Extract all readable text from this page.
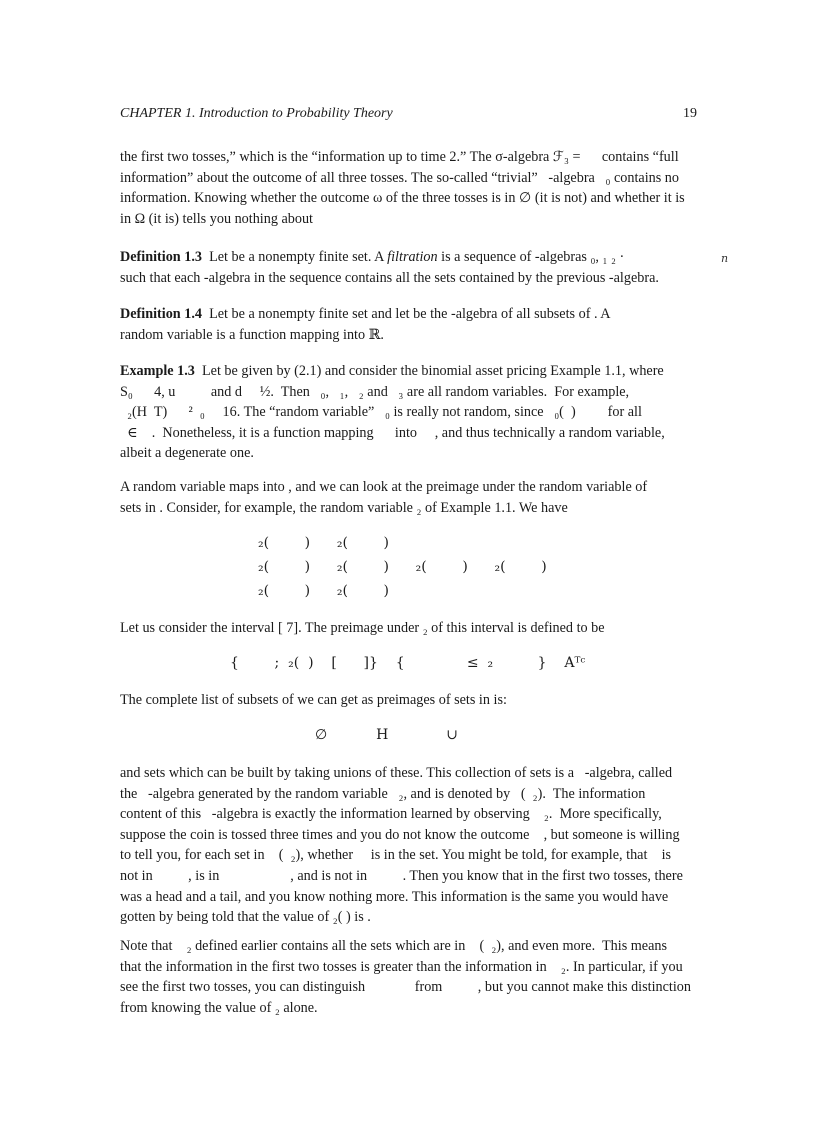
CHAPTER 1. Introduction to Probability Theory	19
the first two tosses,” which is the “information up to time 2.” The σ-algebra ℱ₃ =      contains “full
information” about the outcome of all three tosses. The so-called “trivial”   -algebra   ₀ contains no
information. Knowing whether the outcome ω of the three tosses is in ∅ (it is not) and whether it is
in Ω (it is) tells you nothing about
Definition 1.3 Let be a nonempty finite set. A filtration is a sequence of -algebras ₀, ₁ ₂ ·
such that each -algebra in the sequence contains all the sets contained by the previous -algebra.
n
Definition 1.4 Let be a nonempty finite set and let be the -algebra of all subsets of . A
random variable is a function mapping into ℝ.
Example 1.3 Let be given by (2.1) and consider the binomial asset pricing Example 1.1, where
S₀      4, u          and d     ½.  Then   ₀,   ₁,   ₂ and   ₃ are all random variables.  For example,
₂(H  T)      ²  ₀     16. The “random variable”   ₀ is really not random, since   ₀(  )         for all
∈    .  Nonetheless, it is a function mapping      into     , and thus technically a random variable,
albeit a degenerate one.
A random variable maps into , and we can look at the preimage under the random variable of
sets in . Consider, for example, the random variable ₂ of Example 1.1. We have
₂(        )      ₂(        )
₂(        )      ₂(        )      ₂(        )      ₂(        )
₂(        )      ₂(        )
Let us consider the interval [ 7]. The preimage under ₂ of this interval is defined to be
{        ;  ₂(  )    [      ]}    {              ≤  ₂          }    Aᵀᶜ
The complete list of subsets of we can get as preimages of sets in is:
∅           H             ∪
and sets which can be built by taking unions of these. This collection of sets is a   -algebra, called
the   -algebra generated by the random variable   ₂, and is denoted by   (  ₂).  The information
content of this   -algebra is exactly the information learned by observing    ₂.  More specifically,
suppose the coin is tossed three times and you do not know the outcome    , but someone is willing
to tell you, for each set in    (  ₂), whether     is in the set. You might be told, for example, that    is
not in          , is in                    , and is not in          . Then you know that in the first two tosses, there
was a head and a tail, and you know nothing more. This information is the same you would have
gotten by being told that the value of ₂( ) is .
Note that    ₂ defined earlier contains all the sets which are in    (  ₂), and even more.  This means
that the information in the first two tosses is greater than the information in    ₂. In particular, if you
see the first two tosses, you can distinguish              from          , but you cannot make this distinction
from knowing the value of ₂ alone.
